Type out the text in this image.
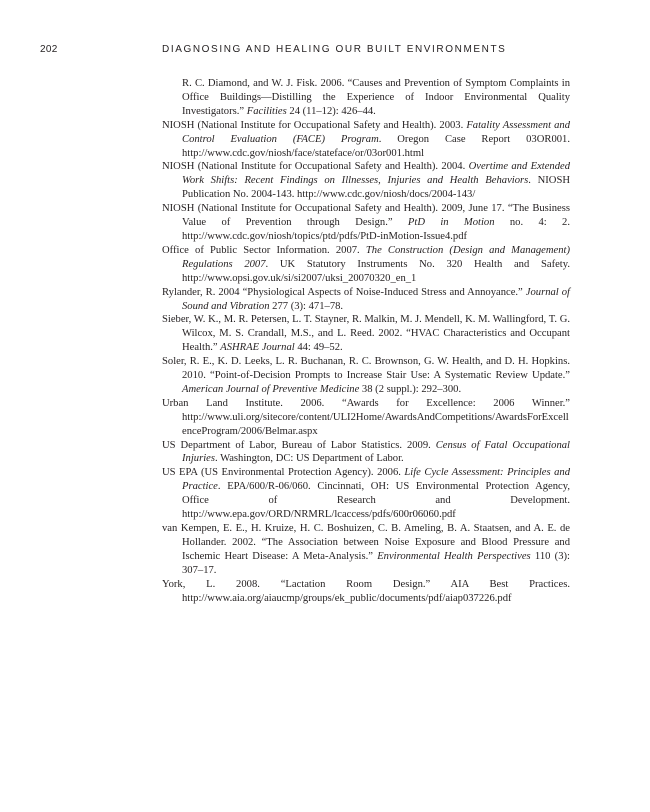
202	DIAGNOSING AND HEALING OUR BUILT ENVIRONMENTS
R. C. Diamond, and W. J. Fisk. 2006. “Causes and Prevention of Symptom Complaints in Office Buildings—Distilling the Experience of Indoor Environmental Quality Investigators.” Facilities 24 (11–12): 426–44.
NIOSH (National Institute for Occupational Safety and Health). 2003. Fatality Assessment and Control Evaluation (FACE) Program. Oregon Case Report 03OR001. http://www.cdc.gov/niosh/face/stateface/or/03or001.html
NIOSH (National Institute for Occupational Safety and Health). 2004. Overtime and Extended Work Shifts: Recent Findings on Illnesses, Injuries and Health Behaviors. NIOSH Publication No. 2004-143. http://www.cdc.gov/niosh/docs/2004-143/
NIOSH (National Institute for Occupational Safety and Health). 2009, June 17. “The Business Value of Prevention through Design.” PtD in Motion no. 4: 2. http://www.cdc.gov/niosh/topics/ptd/pdfs/PtD-inMotion-Issue4.pdf
Office of Public Sector Information. 2007. The Construction (Design and Management) Regulations 2007. UK Statutory Instruments No. 320 Health and Safety. http://www.opsi.gov.uk/si/si2007/uksi_20070320_en_1
Rylander, R. 2004 “Physiological Aspects of Noise-Induced Stress and Annoyance.” Journal of Sound and Vibration 277 (3): 471–78.
Sieber, W. K., M. R. Petersen, L. T. Stayner, R. Malkin, M. J. Mendell, K. M. Wallingford, T. G. Wilcox, M. S. Crandall, M.S., and L. Reed. 2002. “HVAC Characteristics and Occupant Health.” ASHRAE Journal 44: 49–52.
Soler, R. E., K. D. Leeks, L. R. Buchanan, R. C. Brownson, G. W. Health, and D. H. Hopkins. 2010. “Point-of-Decision Prompts to Increase Stair Use: A Systematic Review Update.” American Journal of Preventive Medicine 38 (2 suppl.): 292–300.
Urban Land Institute. 2006. “Awards for Excellence: 2006 Winner.” http://www.uli.org/sitecore/content/ULI2Home/AwardsAndCompetitions/AwardsForExcellenceProgram/2006/Belmar.aspx
US Department of Labor, Bureau of Labor Statistics. 2009. Census of Fatal Occupational Injuries. Washington, DC: US Department of Labor.
US EPA (US Environmental Protection Agency). 2006. Life Cycle Assessment: Principles and Practice. EPA/600/R-06/060. Cincinnati, OH: US Environmental Protection Agency, Office of Research and Development. http://www.epa.gov/ORD/NRMRL/lcaccess/pdfs/600r06060.pdf
van Kempen, E. E., H. Kruize, H. C. Boshuizen, C. B. Ameling, B. A. Staatsen, and A. E. de Hollander. 2002. “The Association between Noise Exposure and Blood Pressure and Ischemic Heart Disease: A Meta-Analysis.” Environmental Health Perspectives 110 (3): 307–17.
York, L. 2008. “Lactation Room Design.” AIA Best Practices. http://www.aia.org/aiaucmp/groups/ek_public/documents/pdf/aiap037226.pdf
